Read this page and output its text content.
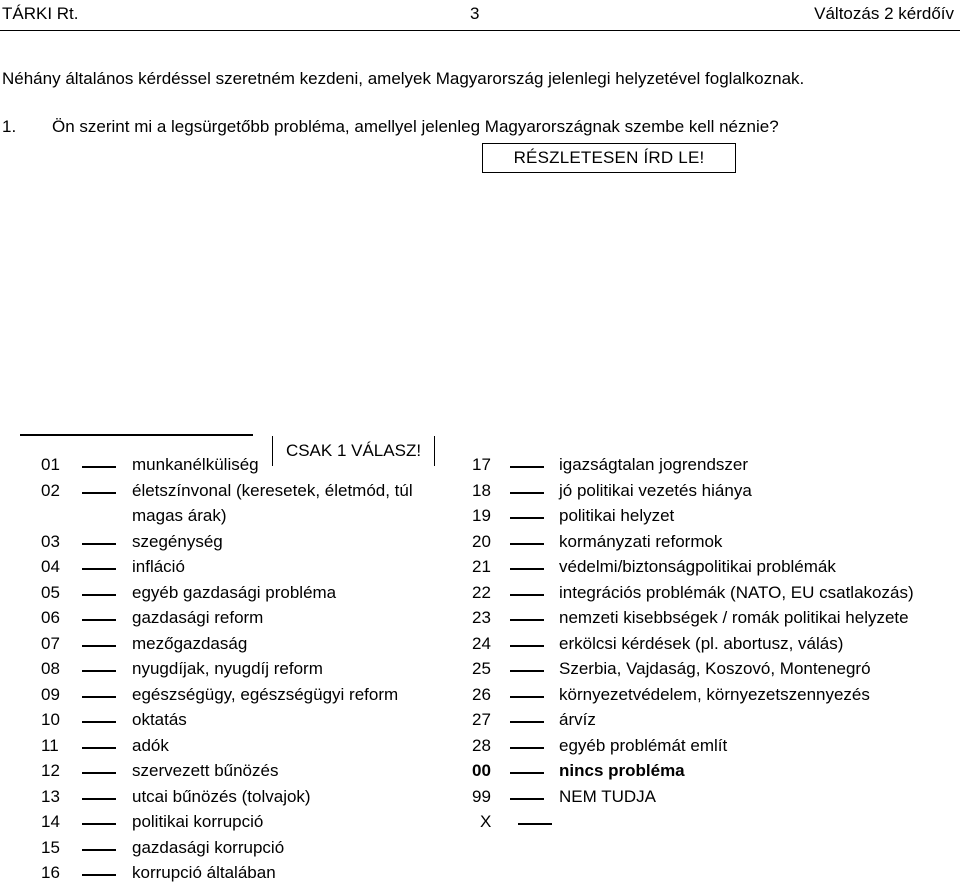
TÁRKI Rt.	3	Változás 2 kérdőív
Néhány általános kérdéssel szeretném kezdeni, amelyek Magyarország jelenlegi helyzetével foglalkoznak.
1. Ön szerint mi a legsürgetőbb probléma, amellyel jelenleg Magyarországnak szembe kell néznie?
RÉSZLETESEN ÍRD LE!
CSAK 1 VÁLASZ!
01	munkanélküliség
02	életszínvonal (keresetek, életmód, túl
magas árak)
03	szegénység
04	infláció
05	egyéb gazdasági probléma
06	gazdasági reform
07	mezőgazdaság
08	nyugdíjak, nyugdíj reform
09	egészségügy, egészségügyi reform
10	oktatás
11	adók
12	szervezett bűnözés
13	utcai bűnözés (tolvajok)
14	politikai korrupció
15	gazdasági korrupció
16	korrupció általában
17	igazságtalan jogrendszer
18	jó politikai vezetés hiánya
19	politikai helyzet
20	kormányzati reformok
21	védelmi/biztonságpolitikai problémák
22	integrációs problémák (NATO, EU csatlakozás)
23	nemzeti kisebbségek / romák politikai helyzete
24	erkölcsi kérdések (pl. abortusz, válás)
25	Szerbia, Vajdaság, Koszovó, Montenegró
26	környezetvédelem, környezetszennyezés
27	árvíz
28	egyéb problémát említ
00	nincs probléma
99	NEM TUDJA
X
